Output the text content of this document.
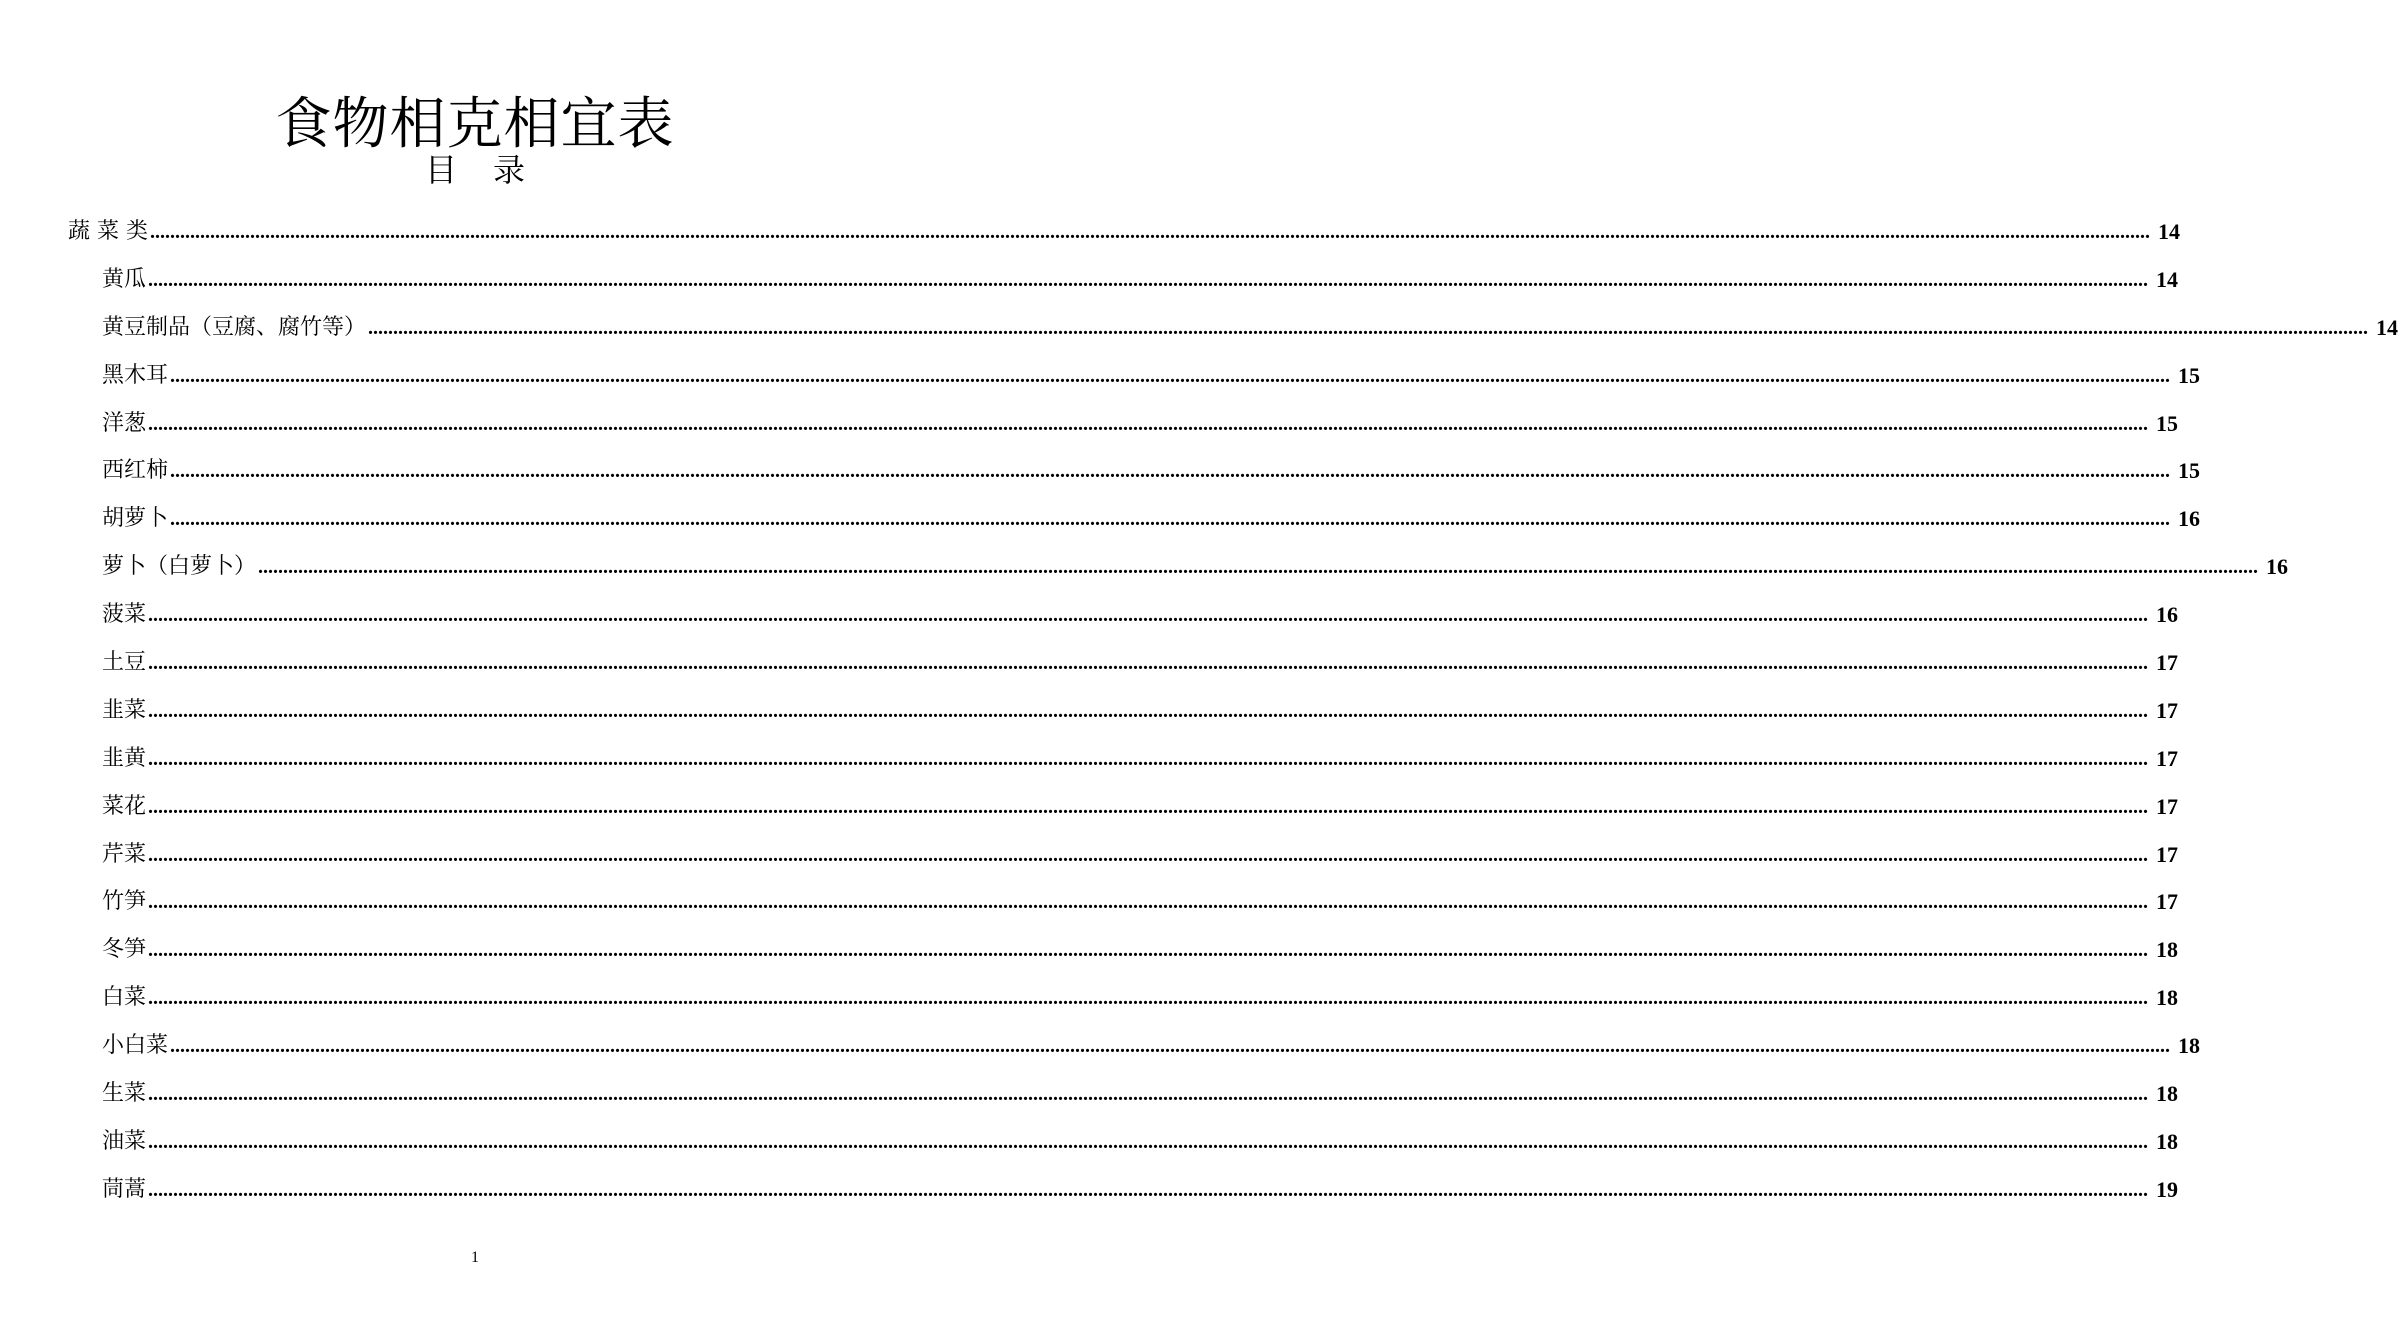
食物相克相宜表
目录
蔬 菜 类 ................................................................................................................................................................................................................................................................................................................................................................................................................ 14
黄瓜 ................................................................................................................................................................................................................................................................................................................................................................................................................ 14
黄豆制品（豆腐、腐竹等） ................................................................................................................................................................................................................................................................................................................................................................................................................ 14
黑木耳 ................................................................................................................................................................................................................................................................................................................................................................................................................ 15
洋葱 ................................................................................................................................................................................................................................................................................................................................................................................................................ 15
西红柿 ................................................................................................................................................................................................................................................................................................................................................................................................................ 15
胡萝卜 ................................................................................................................................................................................................................................................................................................................................................................................................................ 16
萝卜（白萝卜） ................................................................................................................................................................................................................................................................................................................................................................................................................ 16
菠菜 ................................................................................................................................................................................................................................................................................................................................................................................................................ 16
土豆 ................................................................................................................................................................................................................................................................................................................................................................................................................ 17
韭菜 ................................................................................................................................................................................................................................................................................................................................................................................................................ 17
韭黄 ................................................................................................................................................................................................................................................................................................................................................................................................................ 17
菜花 ................................................................................................................................................................................................................................................................................................................................................................................................................ 17
芹菜 ................................................................................................................................................................................................................................................................................................................................................................................................................ 17
竹笋 ................................................................................................................................................................................................................................................................................................................................................................................................................ 17
冬笋 ................................................................................................................................................................................................................................................................................................................................................................................................................ 18
白菜 ................................................................................................................................................................................................................................................................................................................................................................................................................ 18
小白菜 ................................................................................................................................................................................................................................................................................................................................................................................................................ 18
生菜 ................................................................................................................................................................................................................................................................................................................................................................................................................ 18
油菜 ................................................................................................................................................................................................................................................................................................................................................................................................................ 18
茼蒿 ................................................................................................................................................................................................................................................................................................................................................................................................................ 19
1
